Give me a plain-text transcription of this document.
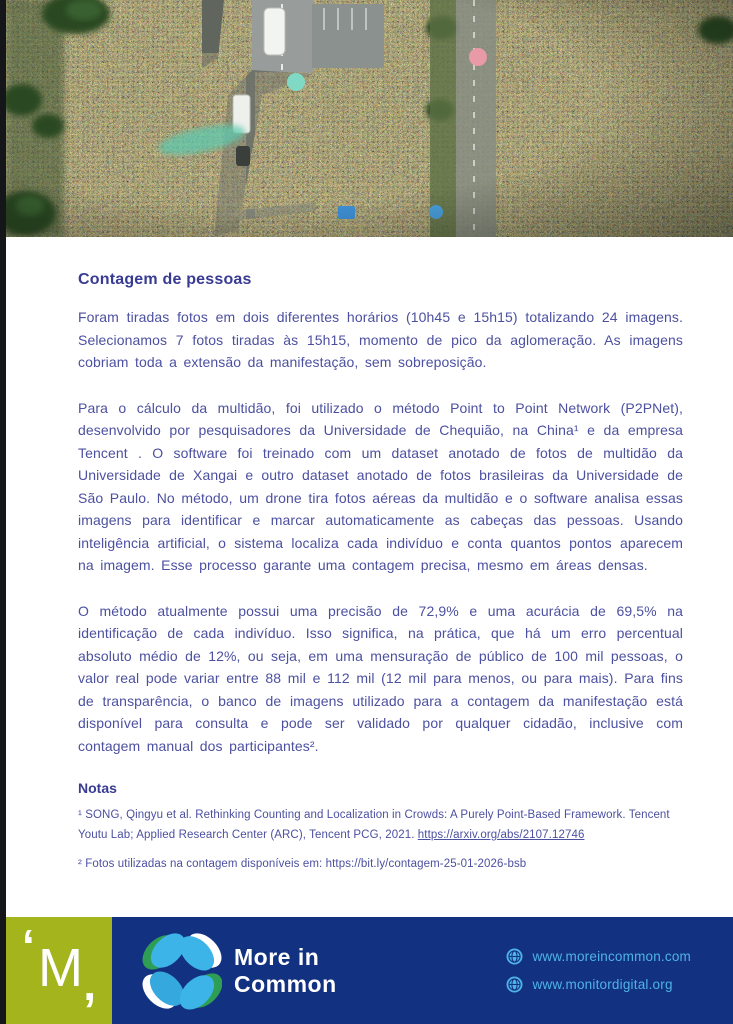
Contagem de pessoas

Foram tiradas fotos em dois diferentes horários (10h45 e 15h15) totalizando 24 imagens. Selecionamos 7 fotos tiradas às 15h15, momento de pico da aglomeração. As imagens cobriam toda a extensão da manifestação, sem sobreposição.

Para o cálculo da multidão, foi utilizado o método Point to Point Network (P2PNet), desenvolvido por pesquisadores da Universidade de Chequião, na China¹ e da empresa Tencent . O software foi treinado com um dataset anotado de fotos de multidão da Universidade de Xangai e outro dataset anotado de fotos brasileiras da Universidade de São Paulo. No método, um drone tira fotos aéreas da multidão e o software analisa essas imagens para identificar e marcar automaticamente as cabeças das pessoas. Usando inteligência artificial, o sistema localiza cada indivíduo e conta quantos pontos aparecem na imagem. Esse processo garante uma contagem precisa, mesmo em áreas densas.

O método atualmente possui uma precisão de 72,9% e uma acurácia de 69,5% na identificação de cada indivíduo. Isso significa, na prática, que há um erro percentual absoluto médio de 12%, ou seja, em uma mensuração de público de 100 mil pessoas, o valor real pode variar entre 88 mil e 112 mil (12 mil para menos, ou para mais). Para fins de transparência, o banco de imagens utilizado para a contagem da manifestação está disponível para consulta e pode ser validado por qualquer cidadão, inclusive com contagem manual dos participantes².

Notas

¹ SONG, Qingyu et al. Rethinking Counting and Localization in Crowds: A Purely Point-Based Framework. Tencent Youtu Lab; Applied Research Center (ARC), Tencent PCG, 2021. https://arxiv.org/abs/2107.12746

² Fotos utilizadas na contagem disponíveis em: https://bit.ly/contagem-25-01-2026-bsb

‘ M ,
More in
Common
www.moreincommon.com
www.monitordigital.org
